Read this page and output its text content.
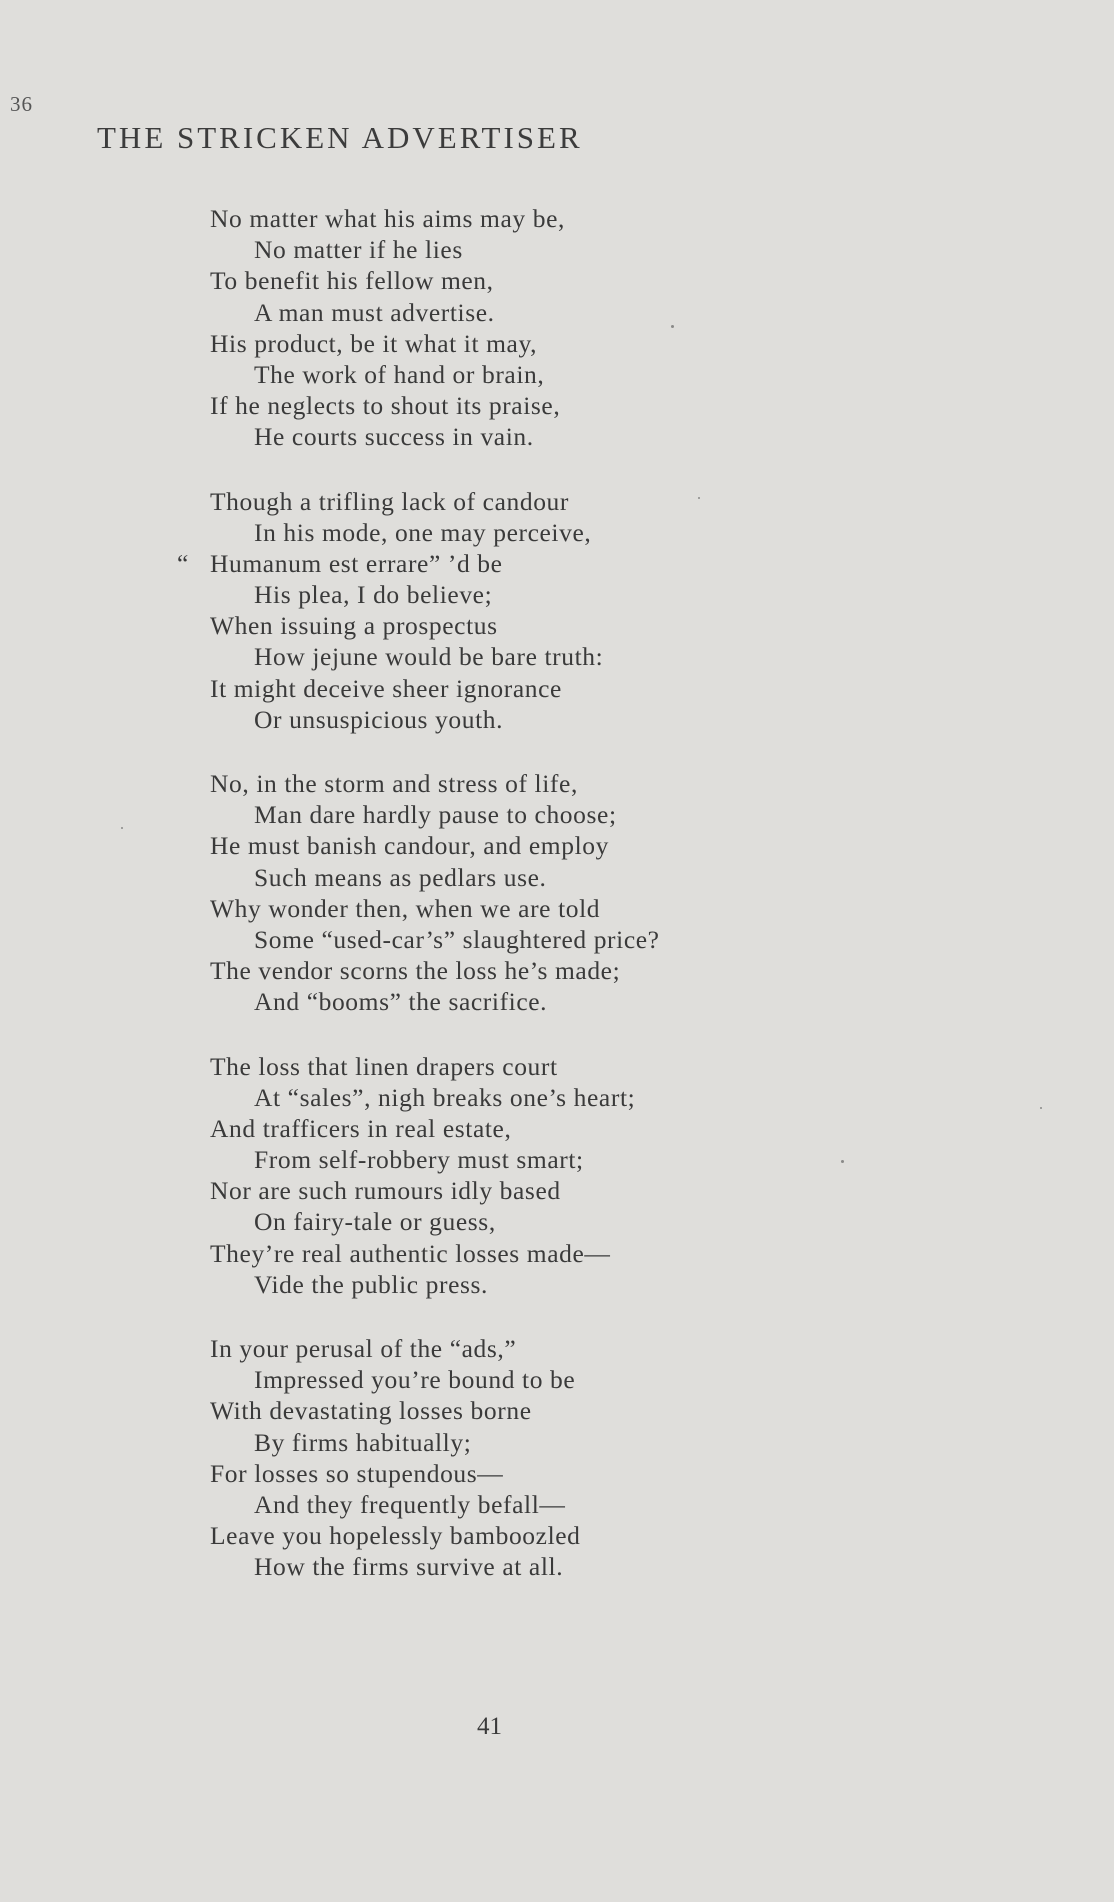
36
THE STRICKEN ADVERTISER
No matter what his aims may be,
No matter if he lies
To benefit his fellow men,
A man must advertise.
His product, be it what it may,
The work of hand or brain,
If he neglects to shout its praise,
He courts success in vain.
Though a trifling lack of candour
In his mode, one may perceive,
“ Humanum est errare” ’d be
His plea, I do believe;
When issuing a prospectus
How jejune would be bare truth:
It might deceive sheer ignorance
Or unsuspicious youth.
No, in the storm and stress of life,
Man dare hardly pause to choose;
He must banish candour, and employ
Such means as pedlars use.
Why wonder then, when we are told
Some “used-car’s” slaughtered price?
The vendor scorns the loss he’s made;
And “booms” the sacrifice.
The loss that linen drapers court
At “sales”, nigh breaks one’s heart;
And trafficers in real estate,
From self-robbery must smart;
Nor are such rumours idly based
On fairy-tale or guess,
They’re real authentic losses made—
Vide the public press.
In your perusal of the “ads,”
Impressed you’re bound to be
With devastating losses borne
By firms habitually;
For losses so stupendous—
And they frequently befall—
Leave you hopelessly bamboozled
How the firms survive at all.
41
